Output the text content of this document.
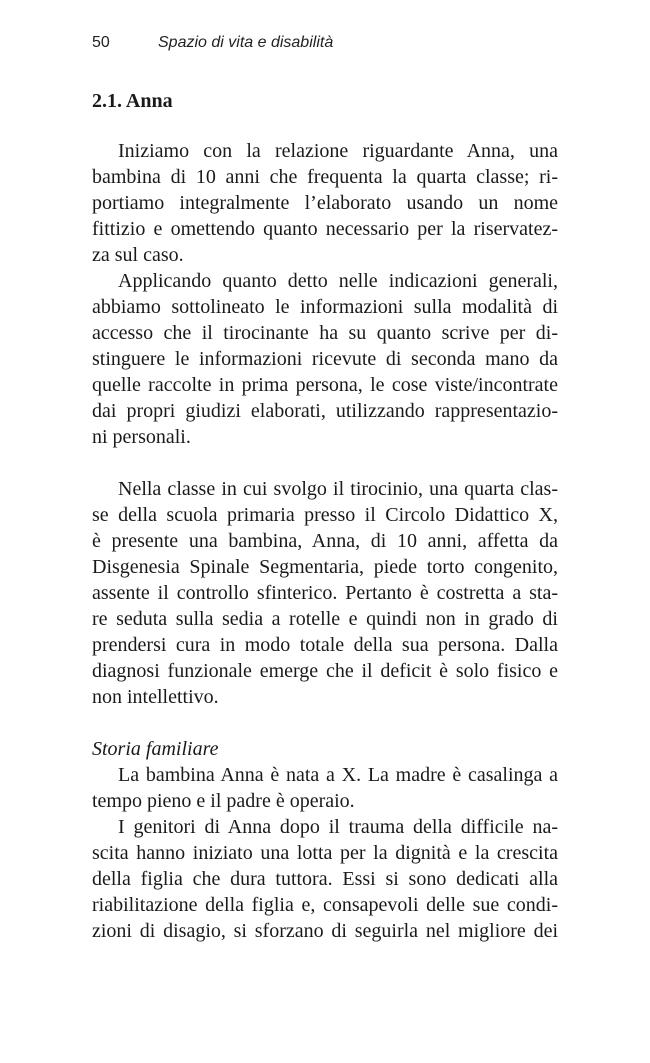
50	Spazio di vita e disabilità
2.1. Anna
Iniziamo con la relazione riguardante Anna, una
bambina di 10 anni che frequenta la quarta classe; ri-
portiamo integralmente l’elaborato usando un nome
fittizio e omettendo quanto necessario per la riservatez-
za sul caso.
Applicando quanto detto nelle indicazioni generali,
abbiamo sottolineato le informazioni sulla modalità di
accesso che il tirocinante ha su quanto scrive per di-
stinguere le informazioni ricevute di seconda mano da
quelle raccolte in prima persona, le cose viste/incontrate
dai propri giudizi elaborati, utilizzando rappresentazio-
ni personali.
Nella classe in cui svolgo il tirocinio, una quarta clas-
se della scuola primaria presso il Circolo Didattico X,
è presente una bambina, Anna, di 10 anni, affetta da
Disgenesia Spinale Segmentaria, piede torto congenito,
assente il controllo sfinterico. Pertanto è costretta a sta-
re seduta sulla sedia a rotelle e quindi non in grado di
prendersi cura in modo totale della sua persona. Dalla
diagnosi funzionale emerge che il deficit è solo fisico e
non intellettivo.
Storia familiare
La bambina Anna è nata a X. La madre è casalinga a
tempo pieno e il padre è operaio.
I genitori di Anna dopo il trauma della difficile na-
scita hanno iniziato una lotta per la dignità e la crescita
della figlia che dura tuttora. Essi si sono dedicati alla
riabilitazione della figlia e, consapevoli delle sue condi-
zioni di disagio, si sforzano di seguirla nel migliore dei
